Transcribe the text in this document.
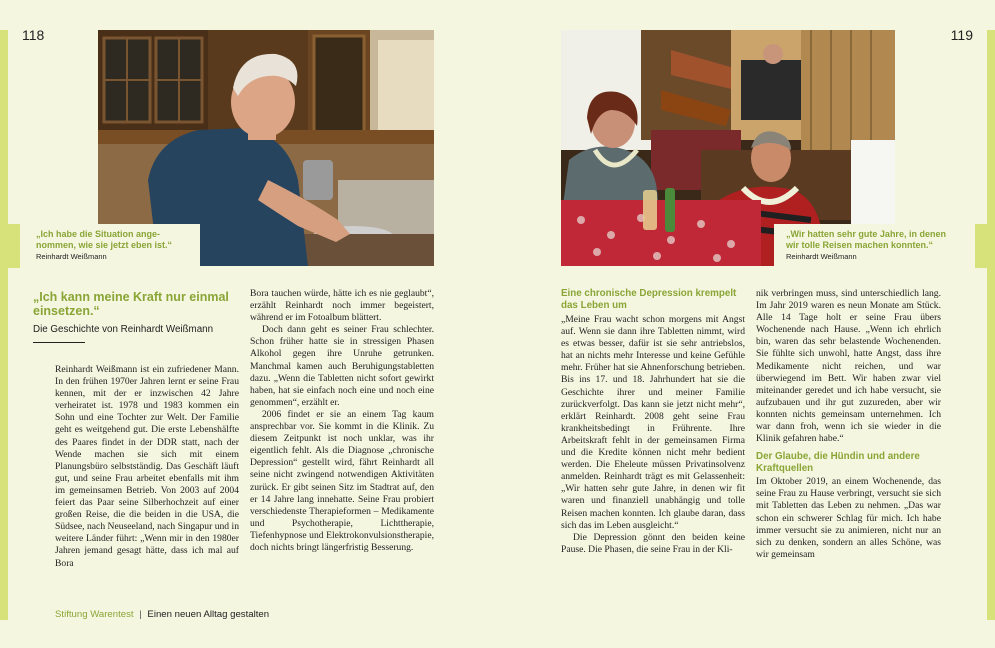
118	119
„Ich habe die Situation angenommen, wie sie jetzt eben ist.“
Reinhardt Weißmann
„Wir hatten sehr gute Jahre, in denen wir tolle Reisen machen konnten.“
Reinhardt Weißmann
„Ich kann meine Kraft nur einmal einsetzen.“
Die Geschichte von Reinhardt Weißmann

Reinhardt Weißmann ist ein zufriedener Mann. In den frühen 1970er Jahren lernt er seine Frau kennen, mit der er inzwischen 42 Jahre verheiratet ist. 1978 und 1983 kommen ein Sohn und eine Tochter zur Welt. Der Familie geht es weitgehend gut. Die erste Lebenshälfte des Paares findet in der DDR statt, nach der Wende machen sie sich mit einem Planungsbüro selbstständig. Das Geschäft läuft gut, und seine Frau arbeitet ebenfalls mit ihm im gemeinsamen Betrieb. Von 2003 auf 2004 feiert das Paar seine Silberhochzeit auf einer großen Reise, die die beiden in die USA, die Südsee, nach Neuseeland, nach Singapur und in weitere Länder führt: „Wenn mir in den 1980er Jahren jemand gesagt hätte, dass ich mal auf Bora

Bora tauchen würde, hätte ich es nie geglaubt“, erzählt Reinhardt noch immer begeistert, während er im Fotoalbum blättert.

Doch dann geht es seiner Frau schlechter. Schon früher hatte sie in stressigen Phasen Alkohol gegen ihre Unruhe getrunken. Manchmal kamen auch Beruhigungstabletten dazu. „Wenn die Tabletten nicht sofort gewirkt haben, hat sie einfach noch eine und noch eine genommen“, erzählt er.

2006 findet er sie an einem Tag kaum ansprechbar vor. Sie kommt in die Klinik. Zu diesem Zeitpunkt ist noch unklar, was ihr eigentlich fehlt. Als die Diagnose „chronische Depression“ gestellt wird, fährt Reinhardt all seine nicht zwingend notwendigen Aktivitäten zurück. Er gibt seinen Sitz im Stadtrat auf, den er 14 Jahre lang innehatte. Seine Frau probiert verschiedenste Therapieformen – Medikamente und Psychotherapie, Lichttherapie, Tiefenhypnose und Elektrokonvulsionstherapie, doch nichts bringt längerfristig Besserung.

Eine chronische Depression krempelt das Leben um

„Meine Frau wacht schon morgens mit Angst auf. Wenn sie dann ihre Tabletten nimmt, wird es etwas besser, dafür ist sie sehr antriebslos, hat an nichts mehr Interesse und keine Gefühle mehr. Früher hat sie Ahnenforschung betrieben. Bis ins 17. und 18. Jahrhundert hat sie die Geschichte ihrer und meiner Familie zurückverfolgt. Das kann sie jetzt nicht mehr“, erklärt Reinhardt. 2008 geht seine Frau krankheitsbedingt in Frührente. Ihre Arbeitskraft fehlt in der gemeinsamen Firma und die Kredite können nicht mehr bedient werden. Die Eheleute müssen Privatinsolvenz anmelden. Reinhardt trägt es mit Gelassenheit: „Wir hatten sehr gute Jahre, in denen wir fit waren und finanziell unabhängig und tolle Reisen machen konnten. Ich glaube daran, dass sich das im Leben ausgleicht.“

Die Depression gönnt den beiden keine Pause. Die Phasen, die seine Frau in der Kli-

nik verbringen muss, sind unterschiedlich lang. Im Jahr 2019 waren es neun Monate am Stück. Alle 14 Tage holt er seine Frau übers Wochenende nach Hause. „Wenn ich ehrlich bin, waren das sehr belastende Wochenenden. Sie fühlte sich unwohl, hatte Angst, dass ihre Medikamente nicht reichen, und war überwiegend im Bett. Wir haben zwar viel miteinander geredet und ich habe versucht, sie aufzubauen und ihr gut zuzureden, aber wir konnten nichts gemeinsam unternehmen. Ich war dann froh, wenn ich sie wieder in die Klinik gefahren habe.“

Der Glaube, die Hündin und andere Kraftquellen

Im Oktober 2019, an einem Wochenende, das seine Frau zu Hause verbringt, versucht sie sich mit Tabletten das Leben zu nehmen. „Das war schon ein schwerer Schlag für mich. Ich habe immer versucht sie zu animieren, nicht nur an sich zu denken, sondern an alles Schöne, was wir gemeinsam

Stiftung Warentest | Einen neuen Alltag gestalten
